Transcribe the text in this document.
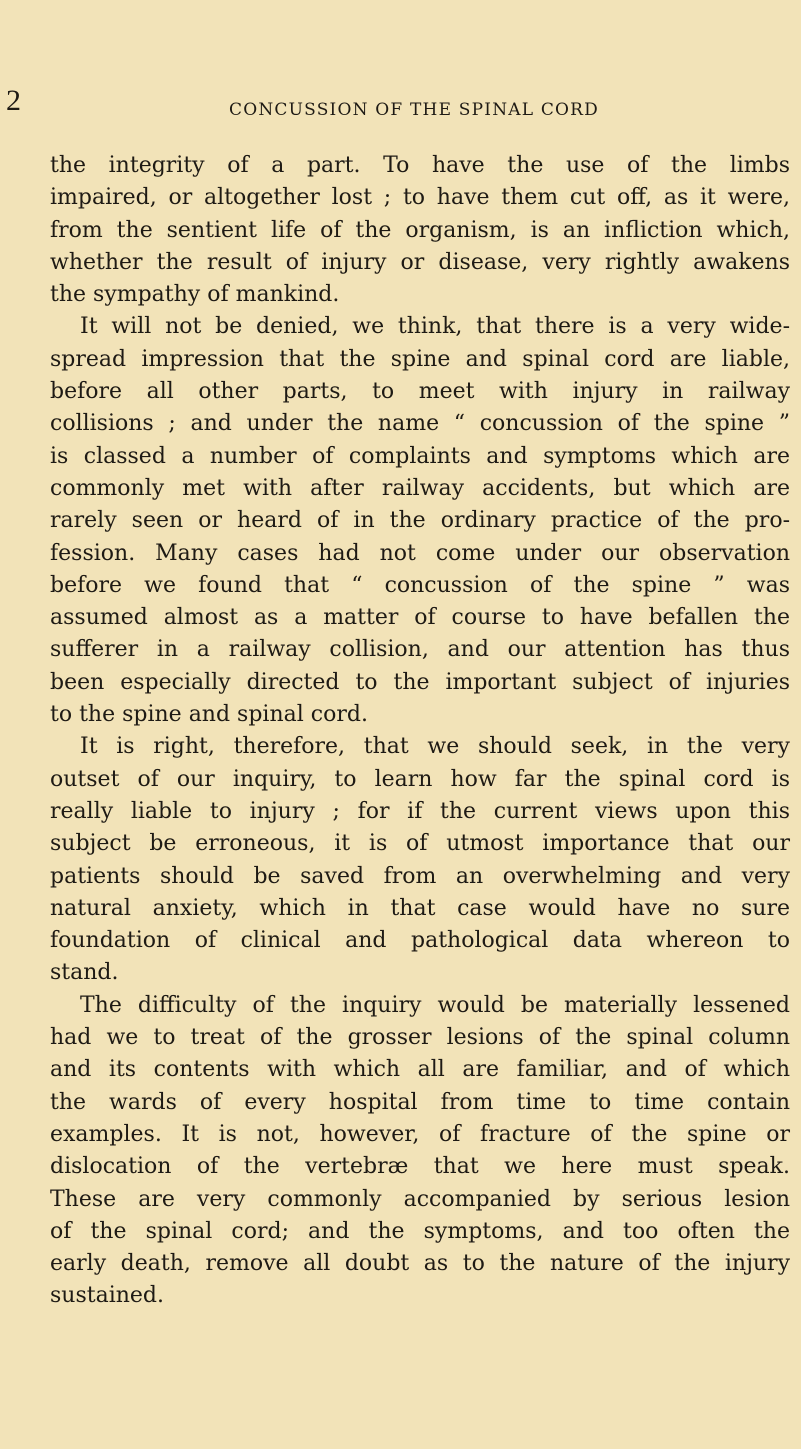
2	CONCUSSION OF THE SPINAL CORD
the integrity of a part. To have the use of the limbs
impaired, or altogether lost ; to have them cut off, as it were,
from the sentient life of the organism, is an infliction which,
whether the result of injury or disease, very rightly awakens
the sympathy of mankind.
It will not be denied, we think, that there is a very wide-
spread impression that the spine and spinal cord are liable,
before all other parts, to meet with injury in railway
collisions ; and under the name “ concussion of the spine ”
is classed a number of complaints and symptoms which are
commonly met with after railway accidents, but which are
rarely seen or heard of in the ordinary practice of the pro-
fession. Many cases had not come under our observation
before we found that “ concussion of the spine ” was
assumed almost as a matter of course to have befallen the
sufferer in a railway collision, and our attention has thus
been especially directed to the important subject of injuries
to the spine and spinal cord.
It is right, therefore, that we should seek, in the very
outset of our inquiry, to learn how far the spinal cord is
really liable to injury ; for if the current views upon this
subject be erroneous, it is of utmost importance that our
patients should be saved from an overwhelming and very
natural anxiety, which in that case would have no sure
foundation of clinical and pathological data whereon to
stand.
The difficulty of the inquiry would be materially lessened
had we to treat of the grosser lesions of the spinal column
and its contents with which all are familiar, and of which
the wards of every hospital from time to time contain
examples. It is not, however, of fracture of the spine or
dislocation of the vertebræ that we here must speak.
These are very commonly accompanied by serious lesion
of the spinal cord; and the symptoms, and too often the
early death, remove all doubt as to the nature of the injury
sustained.
